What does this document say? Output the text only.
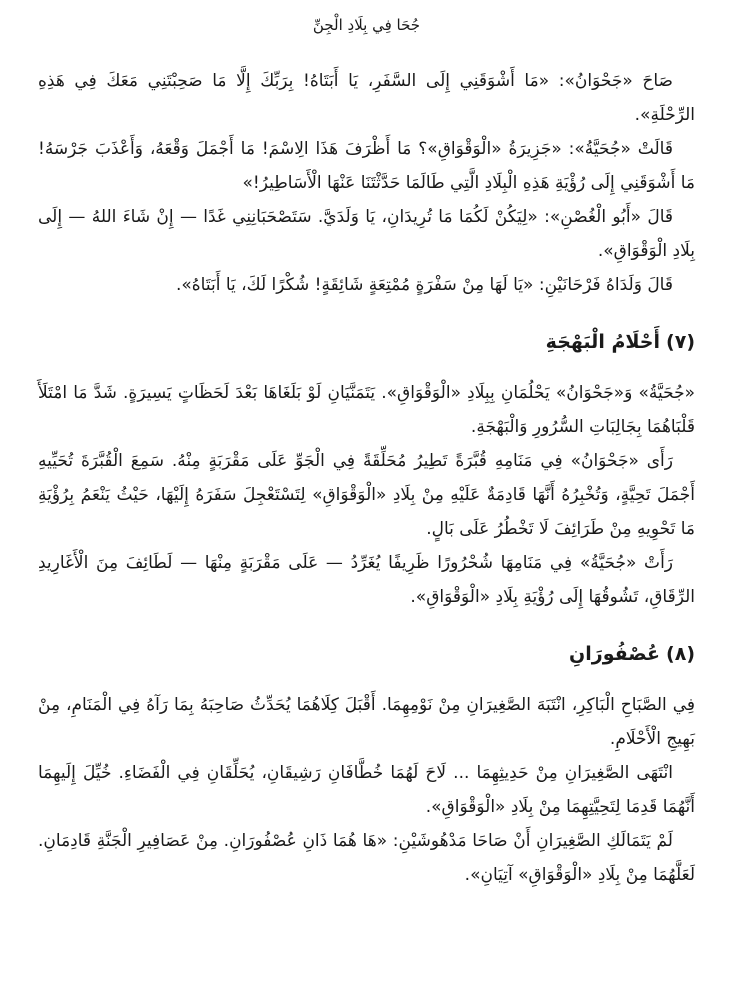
جُحَا فِي بِلَادِ الْجِنِّ

صَاحَ «جَحْوَانُ»: «مَا أَشْوَقَنِي إِلَى السَّفَرِ، يَا أَبَتَاهُ! بِرَبِّكَ إِلَّا مَا صَحِبْتَنِي مَعَكَ فِي هَذِهِ الرِّحْلَةِ».

قَالَتْ «جُحَيَّةُ»: «جَزِيرَةُ «الْوَقْوَاقِ»؟ مَا أَظْرَفَ هَذَا الِاسْمَ! مَا أَجْمَلَ وَقْعَهُ، وَأَعْذَبَ جَرْسَهُ! مَا أَشْوَقَنِي إِلَى رُؤْيَةِ هَذِهِ الْبِلَادِ الَّتِي طَالَمَا حَدَّثْتَنَا عَنْهَا الْأَسَاطِيرُ!»

قَالَ «أَبُو الْغُصْنِ»: «لِيَكُنْ لَكُمَا مَا تُرِيدَانِ، يَا وَلَدَيَّ. سَتَصْحَبَانِنِي غَدًا — إِنْ شَاءَ اللهُ — إِلَى بِلَادِ الْوَقْوَاقِ».

قَالَ وَلَدَاهُ فَرْحَانَيْنِ: «يَا لَهَا مِنْ سَفْرَةٍ مُمْتِعَةٍ شَائِقَةٍ! شُكْرًا لَكَ، يَا أَبَتَاهُ».

(٧)
أَحْلَامُ الْبَهْجَةِ

«جُحَيَّةُ» وَ«جَحْوَانُ» يَحْلُمَانِ بِبِلَادِ «الْوَقْوَاقِ». يَتَمَنَّيَانِ لَوْ بَلَغَاهَا بَعْدَ لَحَظَاتٍ يَسِيرَةٍ. شَدَّ مَا امْتَلَأَ قَلْبَاهُمَا بِجَالِبَاتِ السُّرُورِ وَالْبَهْجَةِ.

رَأَى «جَحْوَانُ» فِي مَنَامِهِ قُبَّرَةً تَطِيرُ مُحَلِّقَةً فِي الْجَوِّ عَلَى مَقْرَبَةٍ مِنْهُ. سَمِعَ الْقُبَّرَةَ تُحَيِّيهِ أَجْمَلَ تَحِيَّةٍ، وَتُخْبِرُهُ أَنَّهَا قَادِمَةٌ عَلَيْهِ مِنْ بِلَادِ «الْوَقْوَاقِ» لِتَسْتَعْجِلَ سَفَرَهُ إِلَيْهَا، حَيْثُ يَنْعَمُ بِرُؤْيَةِ مَا تَحْوِيهِ مِنْ طَرَائِفَ لَا تَخْطُرُ عَلَى بَالٍ.

رَأَتْ «جُحَيَّةُ» فِي مَنَامِهَا شُحْرُورًا ظَرِيفًا يُغَرِّدُ — عَلَى مَقْرَبَةٍ مِنْهَا — لَطَائِفَ مِنَ الْأَغَارِيدِ الرِّقَاقِ، تَشُوقُهَا إِلَى رُؤْيَةِ بِلَادِ «الْوَقْوَاقِ».

(٨)
عُصْفُورَانِ

فِي الصَّبَاحِ الْبَاكِرِ، انْتَبَهَ الصَّغِيرَانِ مِنْ نَوْمِهِمَا. أَقْبَلَ كِلَاهُمَا يُحَدِّثُ صَاحِبَهُ بِمَا رَآهُ فِي الْمَنَامِ، مِنْ بَهِيجِ الْأَحْلَامِ.

انْتَهَى الصَّغِيرَانِ مِنْ حَدِيثِهِمَا ... لَاحَ لَهُمَا خُطَّافَانِ رَشِيقَانِ، يُحَلِّقَانِ فِي الْفَضَاءِ. خُيِّلَ إِلَيهِمَا أَنَّهُمَا قَدِمَا لِتَحِيَّتِهِمَا مِنْ بِلَادِ «الْوَقْوَاقِ».

لَمْ يَتَمَالَكِ الصَّغِيرَانِ أَنْ صَاحَا مَدْهُوشَيْنِ: «هَا هُمَا ذَانِ عُصْفُورَانِ. مِنْ عَصَافِيرِ الْجَنَّةِ قَادِمَانِ. لَعَلَّهُمَا مِنْ بِلَادِ «الْوَقْوَاقِ» آتِيَانِ».
